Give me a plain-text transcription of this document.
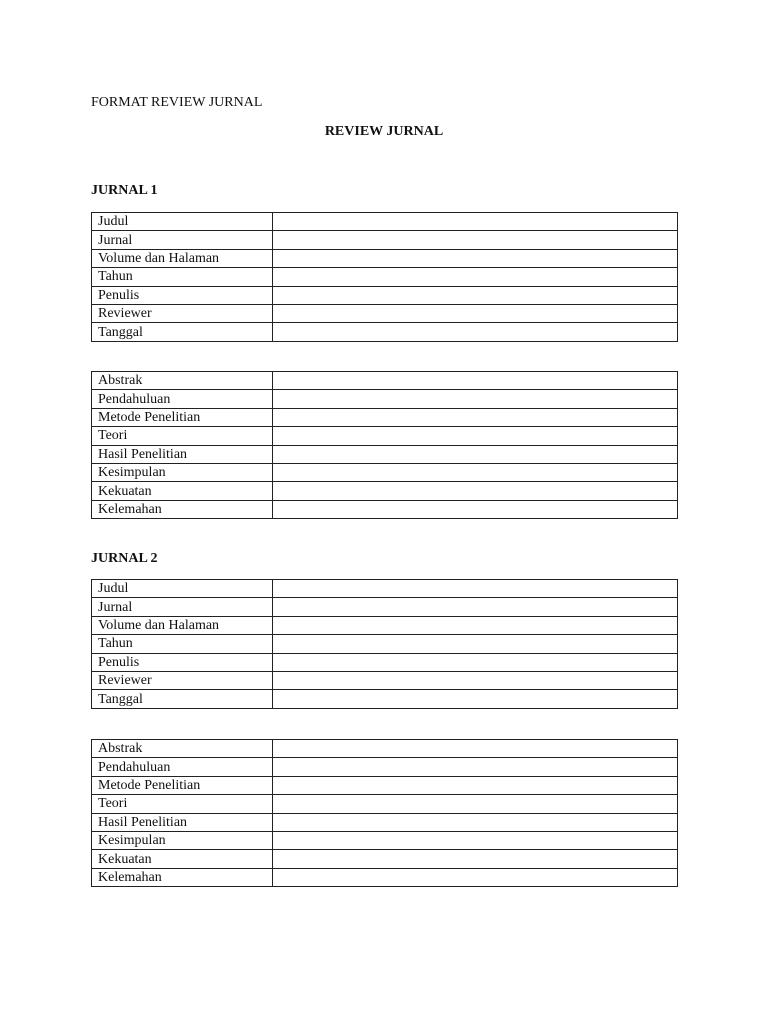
FORMAT REVIEW JURNAL

REVIEW JURNAL

JURNAL 1

Judul	
Jurnal	
Volume dan Halaman	
Tahun	
Penulis	
Reviewer	
Tanggal	
Abstrak	
Pendahuluan	
Metode Penelitian	
Teori	
Hasil Penelitian	
Kesimpulan	
Kekuatan	
Kelemahan	

JURNAL 2

Judul	
Jurnal	
Volume dan Halaman	
Tahun	
Penulis	
Reviewer	
Tanggal	
Abstrak	
Pendahuluan	
Metode Penelitian	
Teori	
Hasil Penelitian	
Kesimpulan	
Kekuatan	
Kelemahan	
